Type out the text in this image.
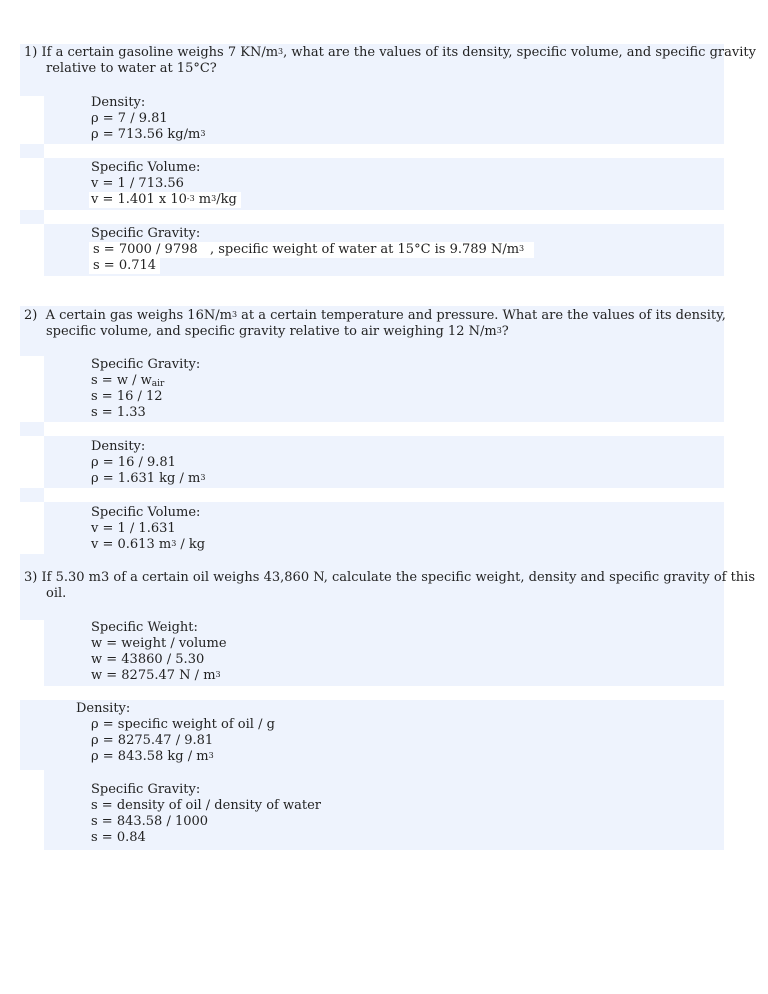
1) If a certain gasoline weighs 7 $KN/m^3$, what are the values of its density, specific volume, and specific gravity
relative to water at 15°C?
Density:
ρ = 7 / 9.81
ρ = 713.56 $kg/m^3$
Specific Volume:
v = 1 / 713.56
v = 1.401 x $10^{-3}$ $m^3/kg$
Specific Gravity:
s = 7000 / 9798 , specific weight of water at 15°C is 9.789 $N/m^3$
s = 0.714
2) A certain gas weighs $16N/m^3$ at a certain temperature and pressure. What are the values of its density,
specific volume, and specific gravity relative to air weighing 12 $N/m^3$?
Specific Gravity:
$s = w / w_{air}$
s = 16 / 12
s = 1.33
Density:
ρ = 16 / 9.81
ρ = 1.631 kg / $m^3$
Specific Volume:
v = 1 / 1.631
v = 0.613 $m^3$ / kg
3) If 5.30 m3 of a certain oil weighs 43,860 N, calculate the specific weight, density and specific gravity of this
oil.
Specific Weight:
w = weight / volume
w = 43860 / 5.30
w = 8275.47 N / $m^3$
Density:
ρ = specific weight of oil / g
ρ = 8275.47 / 9.81
ρ = 843.58 kg / $m^3$
Specific Gravity:
s = density of oil / density of water
s = 843.58 / 1000
s = 0.84
